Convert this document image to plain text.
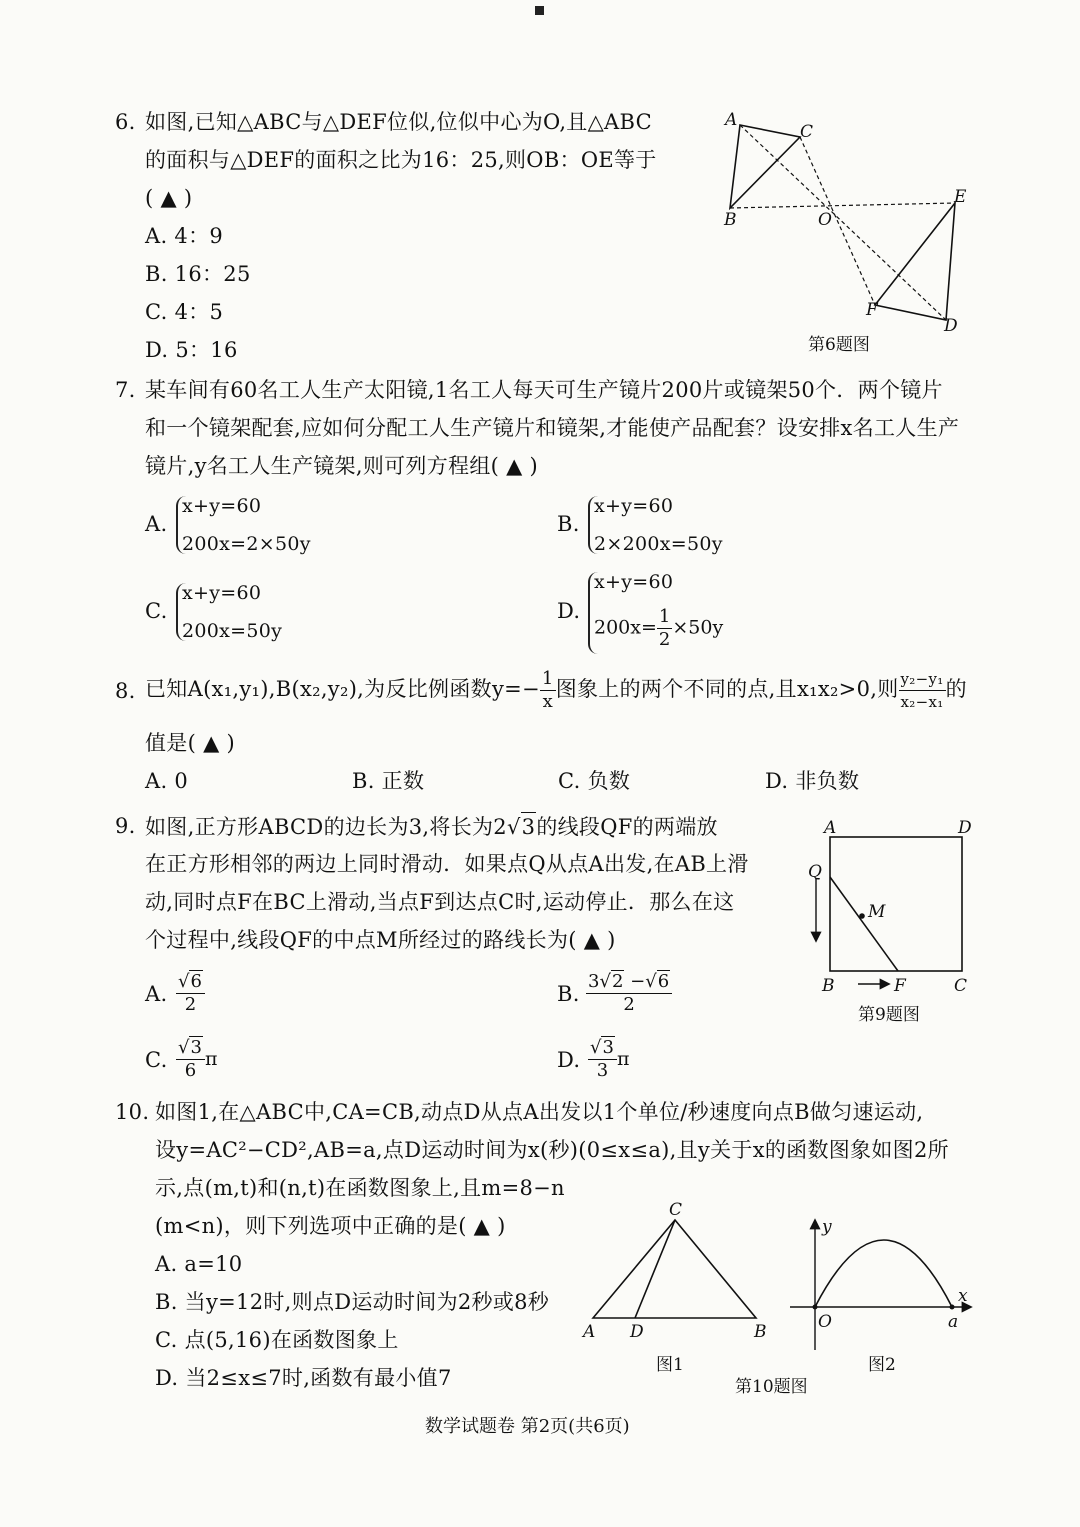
6. 如图,已知△ABC与△DEF位似,位似中心为O,且△ABC
的面积与△DEF的面积之比为16：25,则OB：OE等于
( ▲ )
A. 4：9
B. 16：25
C. 4：5
D. 5：16
A
C
B	O
E
F
D
第6题图
7. 某车间有60名工人生产太阳镜,1名工人每天可生产镜片200片或镜架50个．两个镜片
和一个镜架配套,应如何分配工人生产镜片和镜架,才能使产品配套？设安排x名工人生产
镜片,y名工人生产镜架,则可列方程组( ▲ )
A.
x+y=60
200x=2×50y
B.
x+y=60
2×200x=50y
C.
x+y=60
200x=50y
D.
x+y=60
$200x= \frac{1}{2} \times 50y$
8. 已知A(x₁,y₁),B(x₂,y₂),为反比例函数$y=- \frac{1}{x}$ 图象上的两个不同的点,且x₁x₂>0,则 $\frac{\text{y₂−y₁}}{\text{x₂−x₁}}$ 的
值是( ▲ )
A. 0	B. 正数	C. 负数	D. 非负数
9. 如图,正方形ABCD的边长为3,将长为2√3的线段QF的两端放
在正方形相邻的两边上同时滑动．如果点Q从点A出发,在AB上滑
动,同时点F在BC上滑动,当点F到达点C时,运动停止．那么在这
个过程中,线段QF的中点M所经过的路线长为( ▲ )
A. $\frac{√6}{2}$	B. $\frac{3√2 -√6}{2}$
C. $\frac{√3}{6}$ π	D. $\frac{√3}{3}$ π
A	D
Q
M
B	F	C
第9题图
10. 如图1,在△ABC中,CA=CB,动点D从点A出发以1个单位/秒速度向点B做匀速运动,
设y=AC²−CD²,AB=a,点D运动时间为x(秒)(0≤x≤a),且y关于x的函数图象如图2所
示,点(m,t)和(n,t)在函数图象上,且m=8−n
(m<n)，则下列选项中正确的是( ▲ )
A. a=10
B. 当y=12时,则点D运动时间为2秒或8秒
C. 点(5,16)在函数图象上
D. 当2≤x≤7时,函数有最小值7
C
A D	B
图1
y
x
O	a
图2
第10题图
数学试题卷 第2页(共6页)
